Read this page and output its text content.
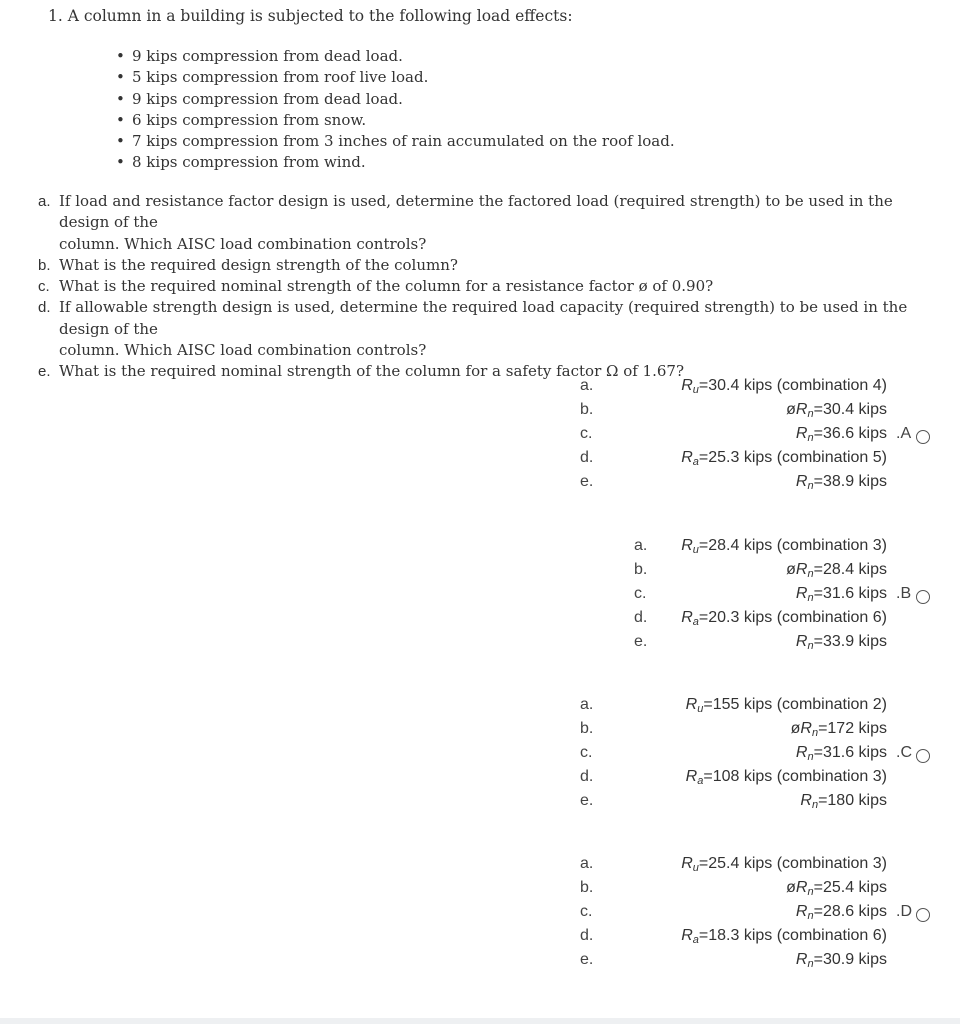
1. A column in a building is subjected to the following load effects:
• 9 kips compression from dead load.
• 5 kips compression from roof live load.
• 9 kips compression from dead load.
• 6 kips compression from snow.
• 7 kips compression from 3 inches of rain accumulated on the roof load.
• 8 kips compression from wind.
a. If load and resistance factor design is used, determine the factored load (required strength) to be used in the design of the
column. Which AISC load combination controls?
b. What is the required design strength of the column?
c. What is the required nominal strength of the column for a resistance factor ø of 0.90?
d. If allowable strength design is used, determine the required load capacity (required strength) to be used in the design of the
column. Which AISC load combination controls?
e. What is the required nominal strength of the column for a safety factor Ω of 1.67?
a.	$R_u=30.4$ kips (combination 4)
b.	$øR_n=30.4$ kips
c.	$R_n=36.6$ kips
d.	$R_a=25.3$ kips (combination 5)
e.	$R_n=38.9$ kips
.A
a. $R_u=28.4$ kips (combination 3)
b.	$øR_n=28.4$ kips
c.	$R_n=31.6$ kips
d. $R_a=20.3$ kips (combination 6)
e.	$R_n=33.9$ kips
.B
a.	$R_u=155$ kips (combination 2)
b.	$øR_n=172$ kips
c.	$R_n=31.6$ kips
d.	$R_a=108$ kips (combination 3)
e.	$R_n=180$ kips
.C
a.	$R_u=25.4$ kips (combination 3)
b.	$øR_n=25.4$ kips
c.	$R_n=28.6$ kips
d.	$R_a=18.3$ kips (combination 6)
e.	$R_n=30.9$ kips
.D
